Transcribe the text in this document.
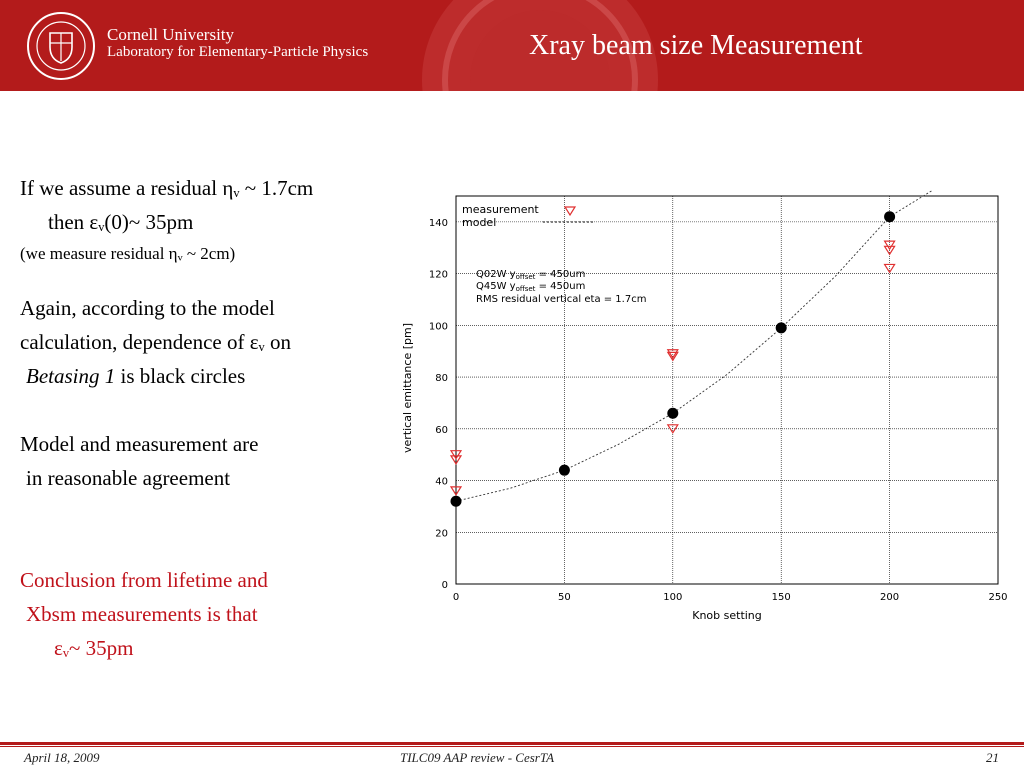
Cornell University
Laboratory for Elementary-Particle Physics	Xray beam size Measurement

If we assume a residual ηᵥ ~ 1.7cm

then εᵥ(0)~ 35pm

(we measure residual ηᵥ ~ 2cm)

Again, according to the model

calculation, dependence of εᵥ on

Betasing 1 is black circles

Model and measurement are

in reasonable agreement

Conclusion from lifetime and

Xbsm measurements is that

εᵥ~ 35pm

0	50	100	150	200	250
0
20
40
60
80
100
120
140
Knob setting
vertical emittance [pm]
measurement
model
Q02W $y_{offset} = 450um$
Q45W $y_{offset} = 450um$
RMS residual vertical eta = 1.7cm
April 18, 2009	TILC09 AAP review - CesrTA	21
